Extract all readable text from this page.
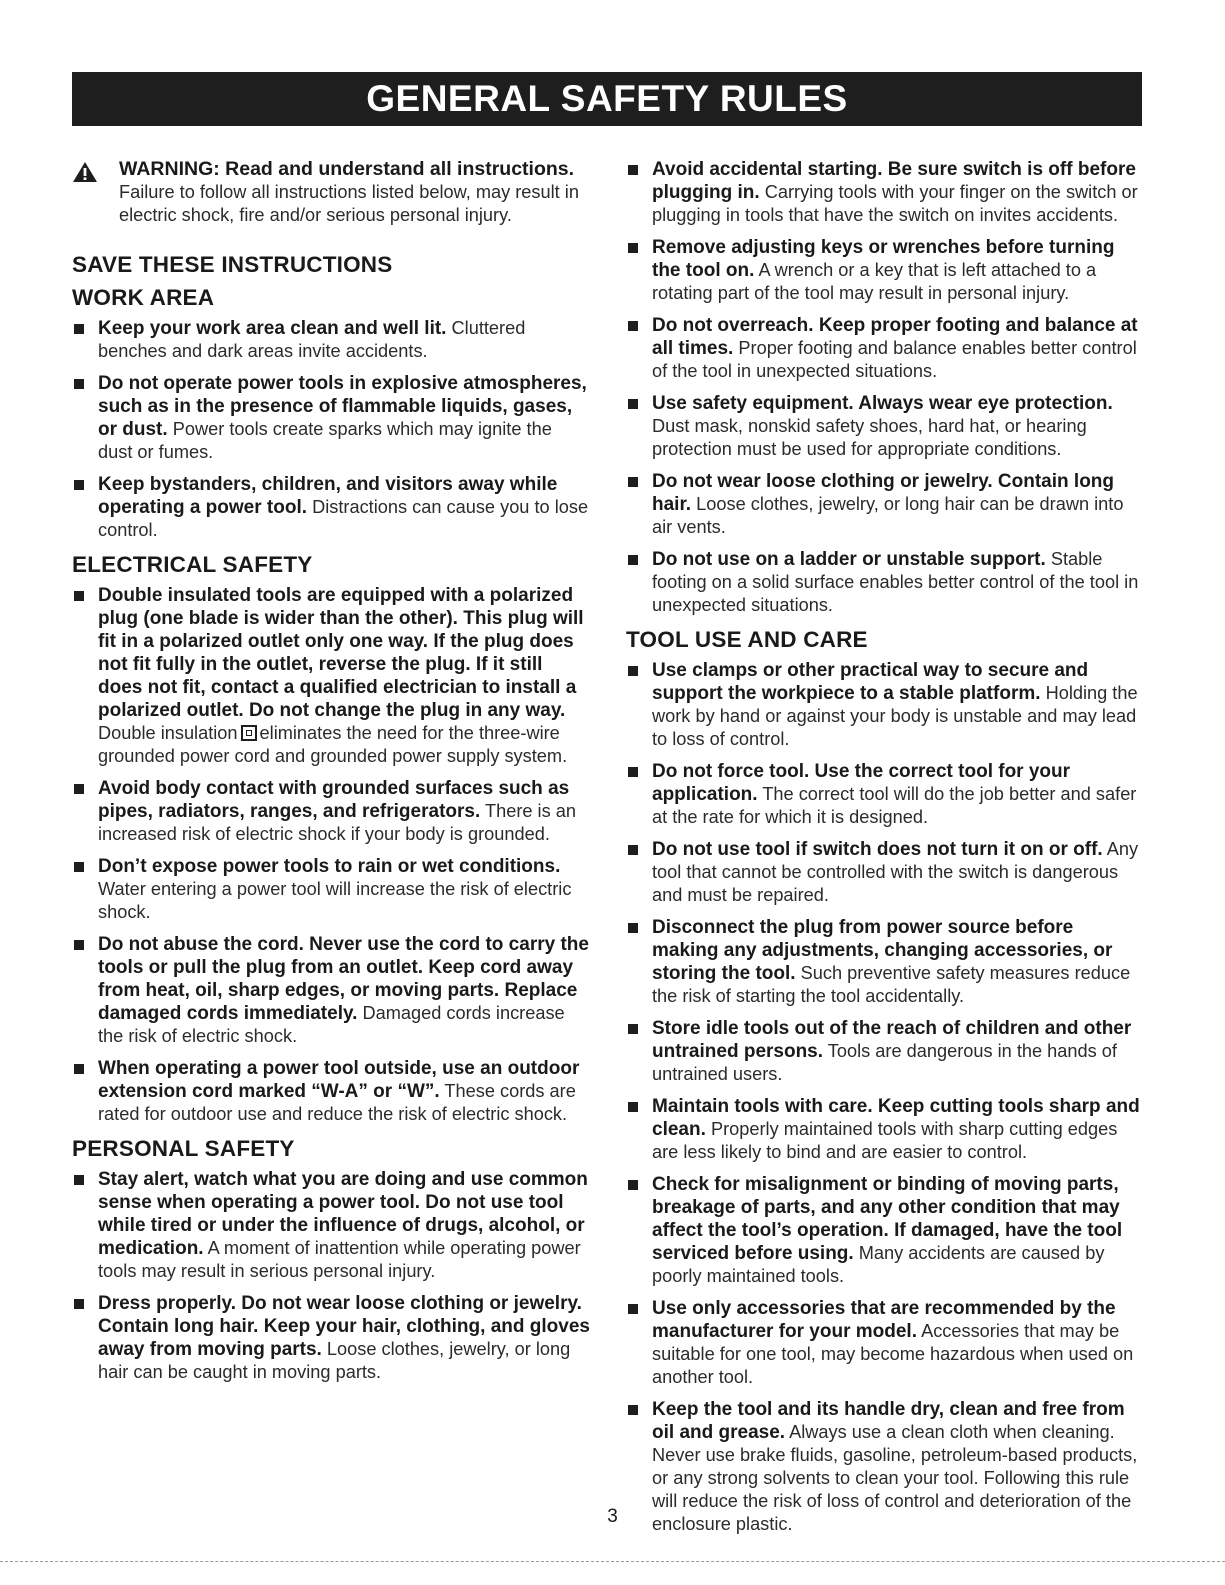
GENERAL SAFETY RULES
WARNING: Read and understand all instructions. Failure to follow all instructions listed below, may result in electric shock, fire and/or serious personal injury.
SAVE THESE INSTRUCTIONS
WORK AREA
Keep your work area clean and well lit. Cluttered benches and dark areas invite accidents.
Do not operate power tools in explosive atmospheres, such as in the presence of flammable liquids, gases, or dust. Power tools create sparks which may ignite the dust or fumes.
Keep bystanders, children, and visitors away while operating a power tool. Distractions can cause you to lose control.
ELECTRICAL SAFETY
Double insulated tools are equipped with a polarized plug (one blade is wider than the other). This plug will fit in a polarized outlet only one way. If the plug does not fit fully in the outlet, reverse the plug. If it still does not fit, contact a qualified electrician to install a polarized outlet. Do not change the plug in any way. Double insulation eliminates the need for the three-wire grounded power cord and grounded power supply system.
Avoid body contact with grounded surfaces such as pipes, radiators, ranges, and refrigerators. There is an increased risk of electric shock if your body is grounded.
Don’t expose power tools to rain or wet conditions. Water entering a power tool will increase the risk of electric shock.
Do not abuse the cord. Never use the cord to carry the tools or pull the plug from an outlet. Keep cord away from heat, oil, sharp edges, or moving parts. Replace damaged cords immediately. Damaged cords increase the risk of electric shock.
When operating a power tool outside, use an outdoor extension cord marked “W-A” or “W”. These cords are rated for outdoor use and reduce the risk of electric shock.
PERSONAL SAFETY
Stay alert, watch what you are doing and use common sense when operating a power tool. Do not use tool while tired or under the influence of drugs, alcohol, or medication. A moment of inattention while operating power tools may result in serious personal injury.
Dress properly. Do not wear loose clothing or jewelry. Contain long hair. Keep your hair, clothing, and gloves away from moving parts. Loose clothes, jewelry, or long hair can be caught in moving parts.
Avoid accidental starting. Be sure switch is off before plugging in. Carrying tools with your finger on the switch or plugging in tools that have the switch on invites accidents.
Remove adjusting keys or wrenches before turning the tool on. A wrench or a key that is left attached to a rotating part of the tool may result in personal injury.
Do not overreach. Keep proper footing and balance at all times. Proper footing and balance enables better control of the tool in unexpected situations.
Use safety equipment. Always wear eye protection. Dust mask, nonskid safety shoes, hard hat, or hearing protection must be used for appropriate conditions.
Do not wear loose clothing or jewelry. Contain long hair. Loose clothes, jewelry, or long hair can be drawn into air vents.
Do not use on a ladder or unstable support. Stable footing on a solid surface enables better control of the tool in unexpected situations.
TOOL USE AND CARE
Use clamps or other practical way to secure and support the workpiece to a stable platform. Holding the work by hand or against your body is unstable and may lead to loss of control.
Do not force tool. Use the correct tool for your application. The correct tool will do the job better and safer at the rate for which it is designed.
Do not use tool if switch does not turn it on or off. Any tool that cannot be controlled with the switch is dangerous and must be repaired.
Disconnect the plug from power source before making any adjustments, changing accessories, or storing the tool. Such preventive safety measures reduce the risk of starting the tool accidentally.
Store idle tools out of the reach of children and other untrained persons. Tools are dangerous in the hands of untrained users.
Maintain tools with care. Keep cutting tools sharp and clean. Properly maintained tools with sharp cutting edges are less likely to bind and are easier to control.
Check for misalignment or binding of moving parts, breakage of parts, and any other condition that may affect the tool’s operation. If damaged, have the tool serviced before using. Many accidents are caused by poorly maintained tools.
Use only accessories that are recommended by the manufacturer for your model. Accessories that may be suitable for one tool, may become hazardous when used on another tool.
Keep the tool and its handle dry, clean and free from oil and grease. Always use a clean cloth when cleaning. Never use brake fluids, gasoline, petroleum-based products, or any strong solvents to clean your tool. Following this rule will reduce the risk of loss of control and deterioration of the enclosure plastic.
3
